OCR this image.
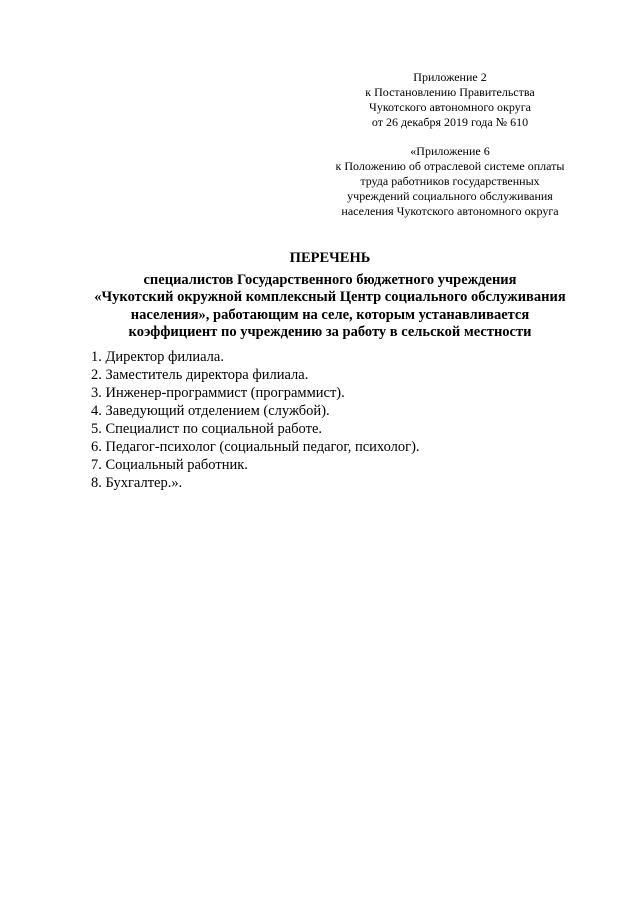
Приложение 2
к Постановлению Правительства
Чукотского автономного округа
от 26 декабря 2019 года № 610
«Приложение 6
к Положению об отраслевой системе оплаты
труда работников государственных
учреждений социального обслуживания
населения Чукотского автономного округа
ПЕРЕЧЕНЬ
специалистов Государственного бюджетного учреждения
«Чукотский окружной комплексный Центр социального обслуживания
населения», работающим на селе, которым устанавливается
коэффициент по учреждению за работу в сельской местности
1. Директор филиала.
2. Заместитель директора филиала.
3. Инженер-программист (программист).
4. Заведующий отделением (службой).
5. Специалист по социальной работе.
6. Педагог-психолог (социальный педагог, психолог).
7. Социальный работник.
8. Бухгалтер.».
